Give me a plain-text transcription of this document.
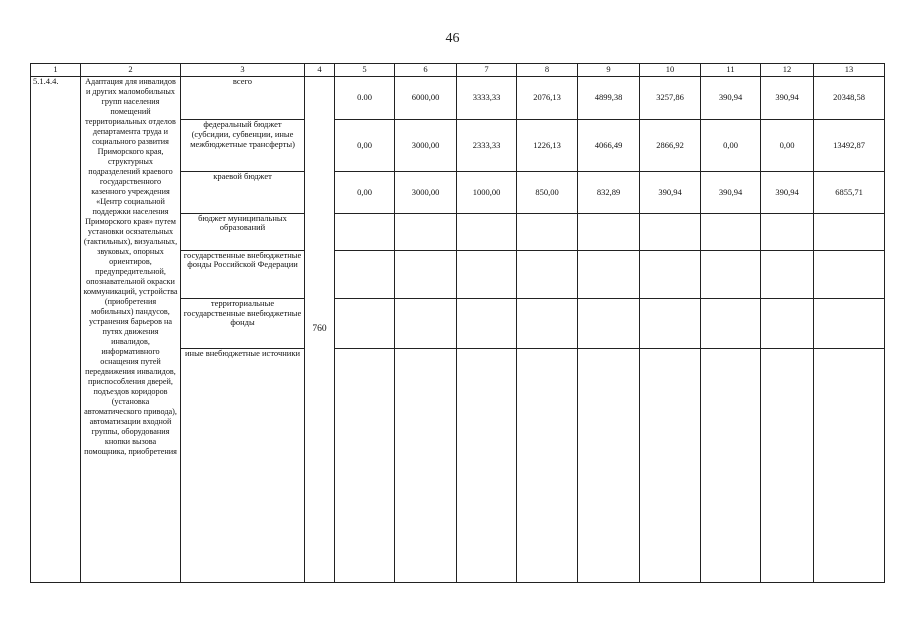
46
1	2	3	4	5	6	7	8	9	10	11	12	13
5.1.4.4.	Адаптация для инвалидов и других маломобильных групп населения помещений территориальных отделов департамента труда и социального развития Приморского края, структурных подразделений краевого государственного казенного учреждения «Центр социальной поддержки населения Приморского края» путем установки осязательных (тактильных), визуальных, звуковых, опорных ориентиров, предупредительной, опознавательной окраски коммуникаций, устройства (приобретения мобильных) пандусов, устранения барьеров на путях движения инвалидов, информативного оснащения путей передвижения инвалидов, приспособления дверей, подъездов коридоров (установка автоматического привода), автоматизации входной группы, оборудования кнопки вызова помощника, приобретения	всего	760	0.00	6000,00	3333,33	2076,13	4899,38	3257,86	390,94	390,94	20348,58
		федеральный бюджет (субсидии, субвенции, иные межбюджетные трансферты)		0,00	3000,00	2333,33	1226,13	4066,49	2866,92	0,00	0,00	13492,87
		краевой бюджет		0,00	3000,00	1000,00	850,00	832,89	390,94	390,94	390,94	6855,71
		бюджет муниципальных образований										
		государственные внебюджетные фонды Российской Федерации										
		территориальные государственные внебюджетные фонды										
		иные внебюджетные источники										
